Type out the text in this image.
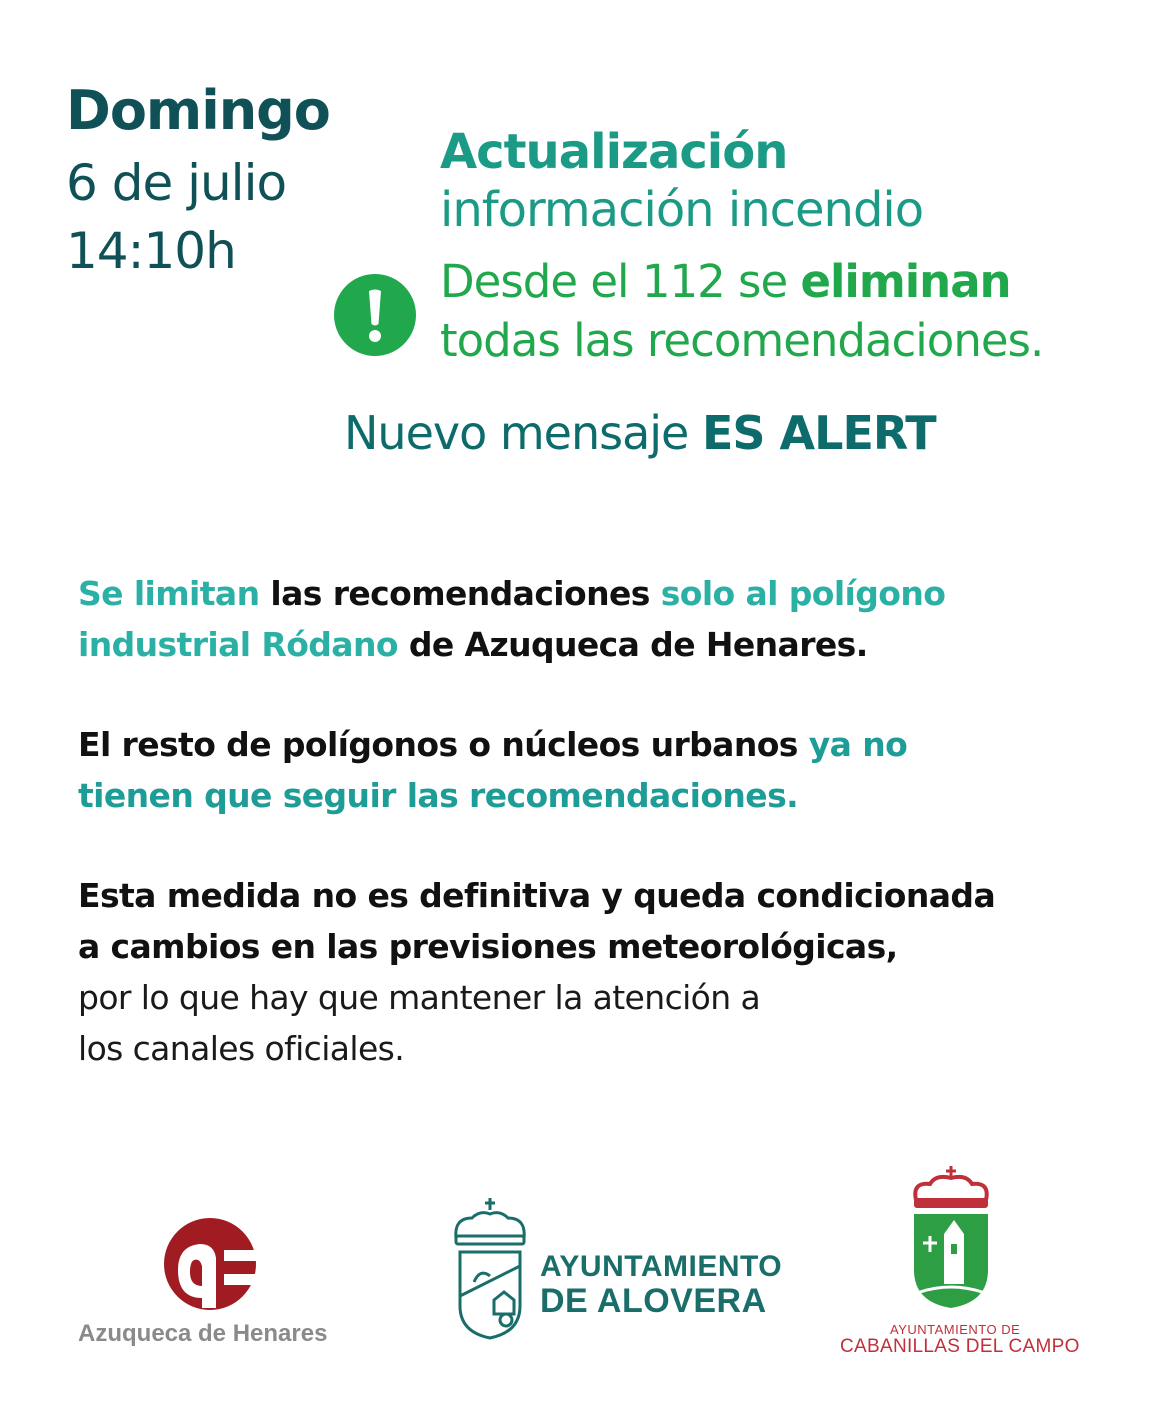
Domingo
6 de julio
14:10h
Actualización
información incendio
Desde el 112 se eliminan
todas las recomendaciones.
Nuevo mensaje ES ALERT
Se limitan las recomendaciones solo al polígono
industrial Ródano de Azuqueca de Henares.
El resto de polígonos o núcleos urbanos ya no
tienen que seguir las recomendaciones.
Esta medida no es definitiva y queda condicionada
a cambios en las previsiones meteorológicas,
por lo que hay que mantener la atención a
los canales oficiales.
Azuqueca de Henares
AYUNTAMIENTO
DE ALOVERA
AYUNTAMIENTO DE
CABANILLAS DEL CAMPO
